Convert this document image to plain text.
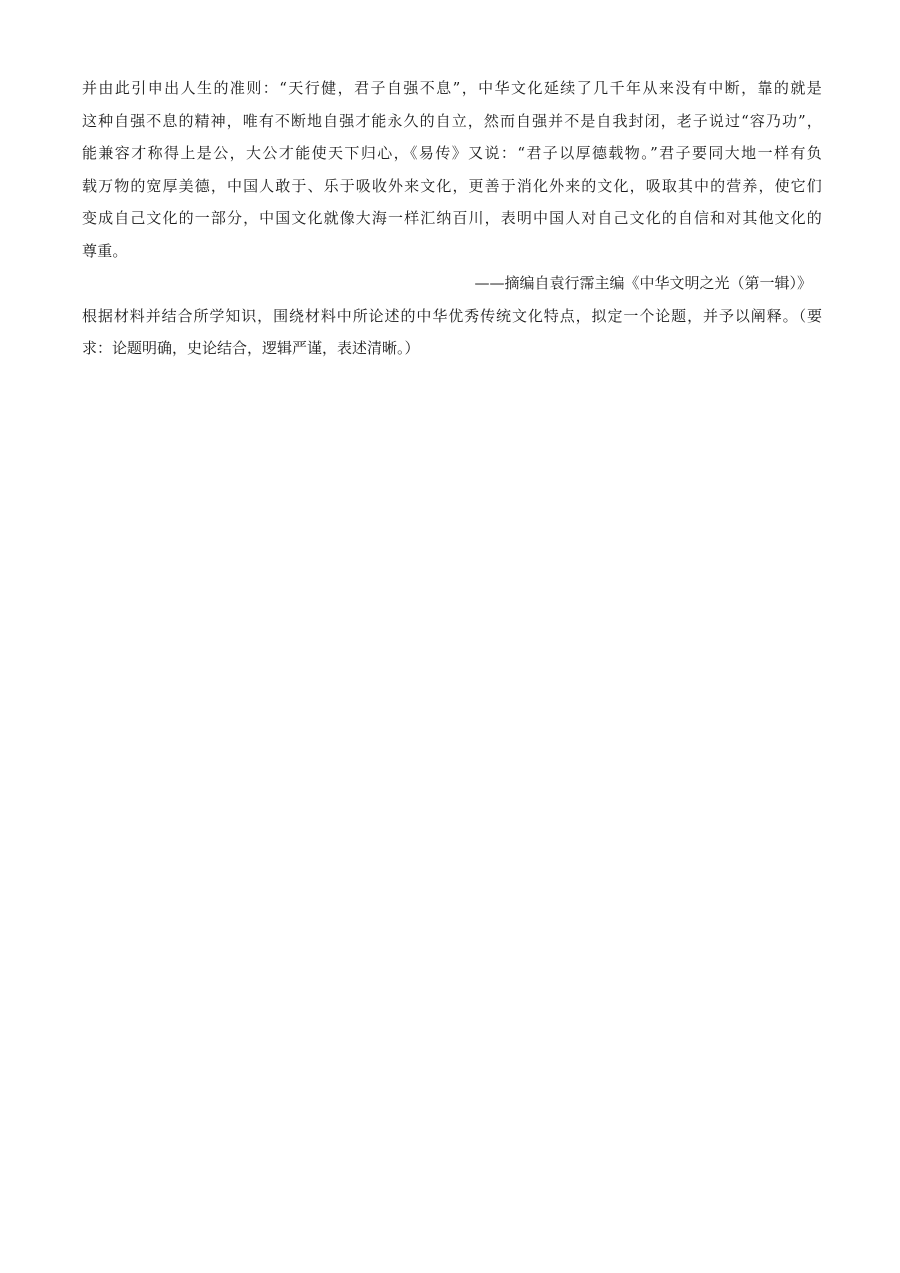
并由此引申出人生的准则：“天行健，君子自强不息”，中华文化延续了几千年从来没有中断，靠的就是
这种自强不息的精神，唯有不断地自强才能永久的自立，然而自强并不是自我封闭，老子说过“容乃功”，
能兼容才称得上是公，大公才能使天下归心，《易传》又说：“君子以厚德载物。”君子要同大地一样有负
载万物的宽厚美德，中国人敢于、乐于吸收外来文化，更善于消化外来的文化，吸取其中的营养，使它们
变成自己文化的一部分，中国文化就像大海一样汇纳百川，表明中国人对自己文化的自信和对其他文化的
尊重。
——摘编自袁行霈主编《中华文明之光（第一辑）》
根据材料并结合所学知识，围绕材料中所论述的中华优秀传统文化特点，拟定一个论题，并予以阐释。（要
求：论题明确，史论结合，逻辑严谨，表述清晰。）
